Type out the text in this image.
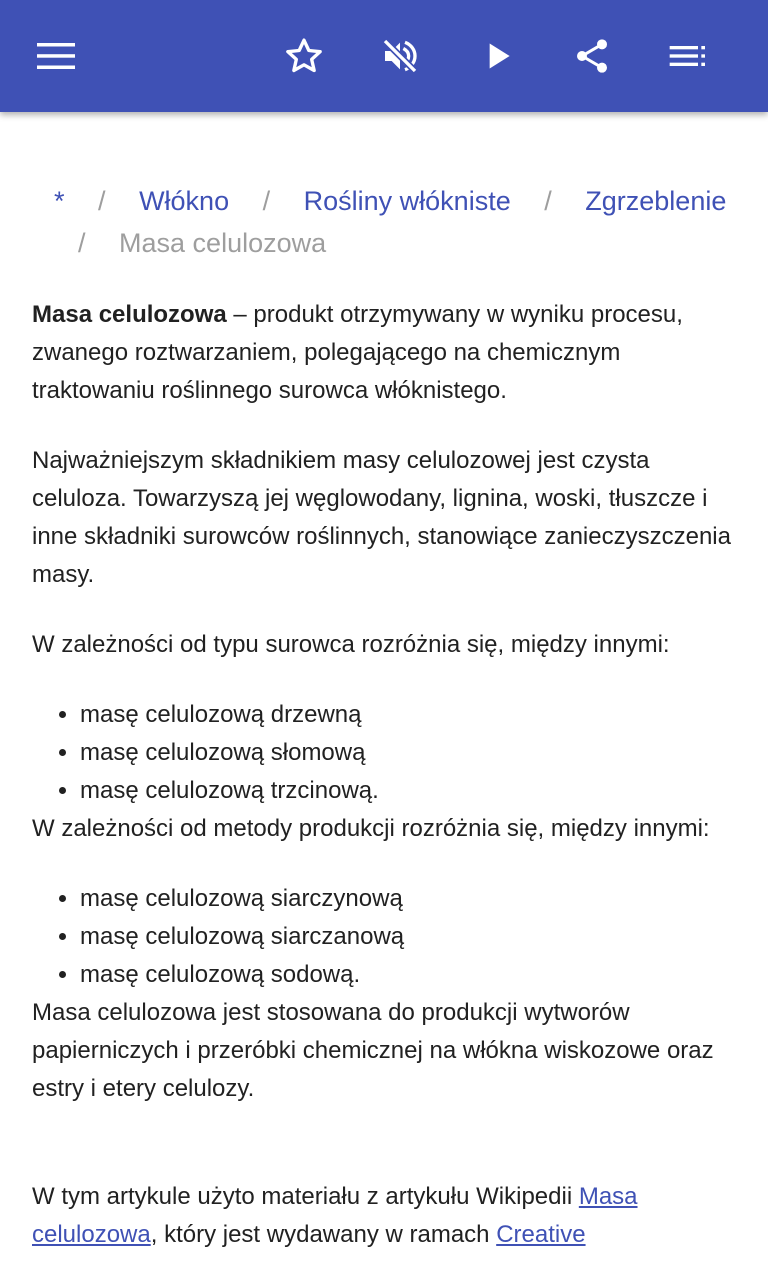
* / Włókno / Rośliny włókniste / Zgrzeblenie
/ Masa celulozowa

Masa celulozowa – produkt otrzymywany w wyniku procesu, zwanego roztwarzaniem, polegającego na chemicznym traktowaniu roślinnego surowca włóknistego.

Najważniejszym składnikiem masy celulozowej jest czysta celuloza. Towarzyszą jej węglowodany, lignina, woski, tłuszcze i inne składniki surowców roślinnych, stanowiące zanieczyszczenia masy.

W zależności od typu surowca rozróżnia się, między innymi:

• masę celulozową drzewną
• masę celulozową słomową
• masę celulozową trzcinową.

W zależności od metody produkcji rozróżnia się, między innymi:

• masę celulozową siarczynową
• masę celulozową siarczanową
• masę celulozową sodową.

Masa celulozowa jest stosowana do produkcji wytworów papierniczych i przeróbki chemicznej na włókna wiskozowe oraz estry i etery celulozy.

W tym artykule użyto materiału z artykułu Wikipedii Masa celulozowa, który jest wydawany w ramach Creative
